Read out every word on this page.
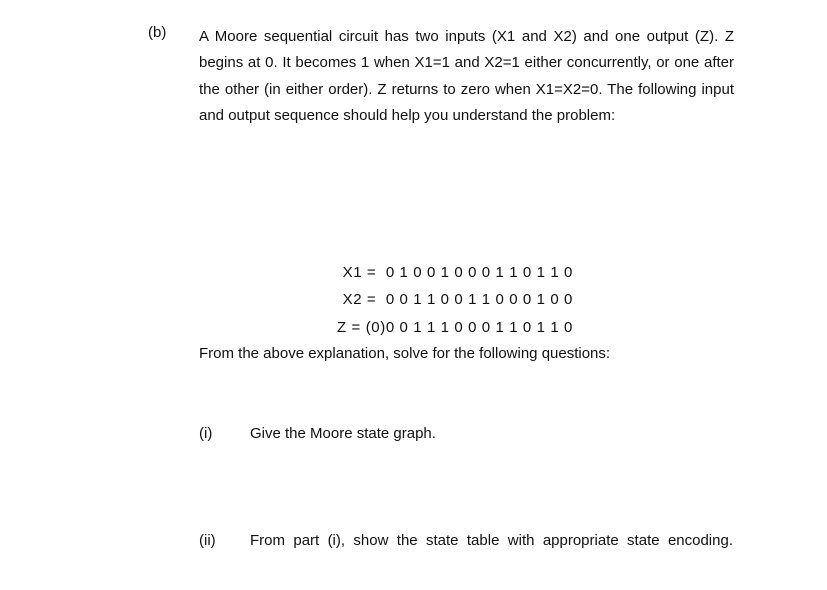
(b) A Moore sequential circuit has two inputs (X1 and X2) and one output (Z). Z begins at 0. It becomes 1 when X1=1 and X2=1 either concurrently, or one after the other (in either order). Z returns to zero when X1=X2=0. The following input and output sequence should help you understand the problem:

X1 =  0 1 0 0 1 0 0 0 1 1 0 1 1 0
X2 =  0 0 1 1 0 0 1 1 0 0 0 1 0 0
Z = (0)0 0 1 1 1 0 0 0 1 1 0 1 1 0
From the above explanation, solve for the following questions:
(i)	Give the Moore state graph.
(ii) From part (i), show the state table with appropriate state encoding.
